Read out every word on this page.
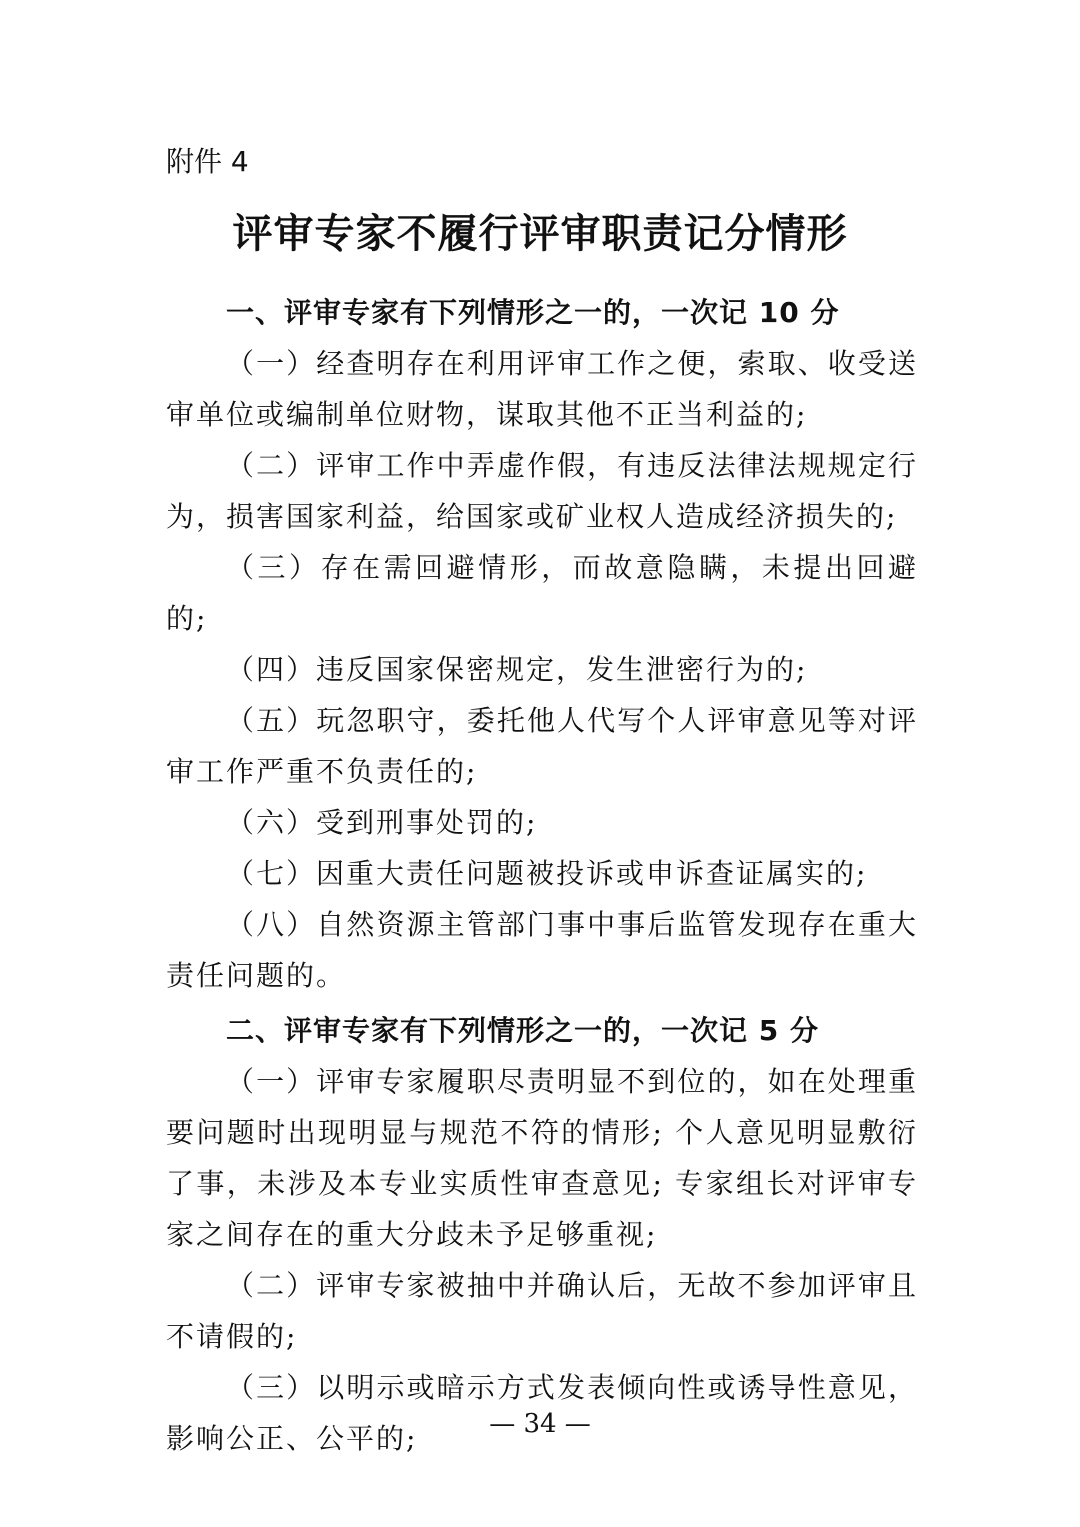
附件 4
评审专家不履行评审职责记分情形

一、评审专家有下列情形之一的，一次记 10 分

（一）经查明存在利用评审工作之便，索取、收受送审单位或编制单位财物，谋取其他不正当利益的;

（二）评审工作中弄虚作假，有违反法律法规规定行为，损害国家利益，给国家或矿业权人造成经济损失的;

（三）存在需回避情形，而故意隐瞒，未提出回避的;

（四）违反国家保密规定，发生泄密行为的;

（五）玩忽职守，委托他人代写个人评审意见等对评审工作严重不负责任的;

（六）受到刑事处罚的;

（七）因重大责任问题被投诉或申诉查证属实的;

（八）自然资源主管部门事中事后监管发现存在重大责任问题的。

二、评审专家有下列情形之一的，一次记 5 分

（一）评审专家履职尽责明显不到位的，如在处理重要问题时出现明显与规范不符的情形; 个人意见明显敷衍了事，未涉及本专业实质性审查意见; 专家组长对评审专家之间存在的重大分歧未予足够重视;

（二）评审专家被抽中并确认后，无故不参加评审且不请假的;

（三）以明示或暗示方式发表倾向性或诱导性意见，影响公正、公平的;	— 34 —
